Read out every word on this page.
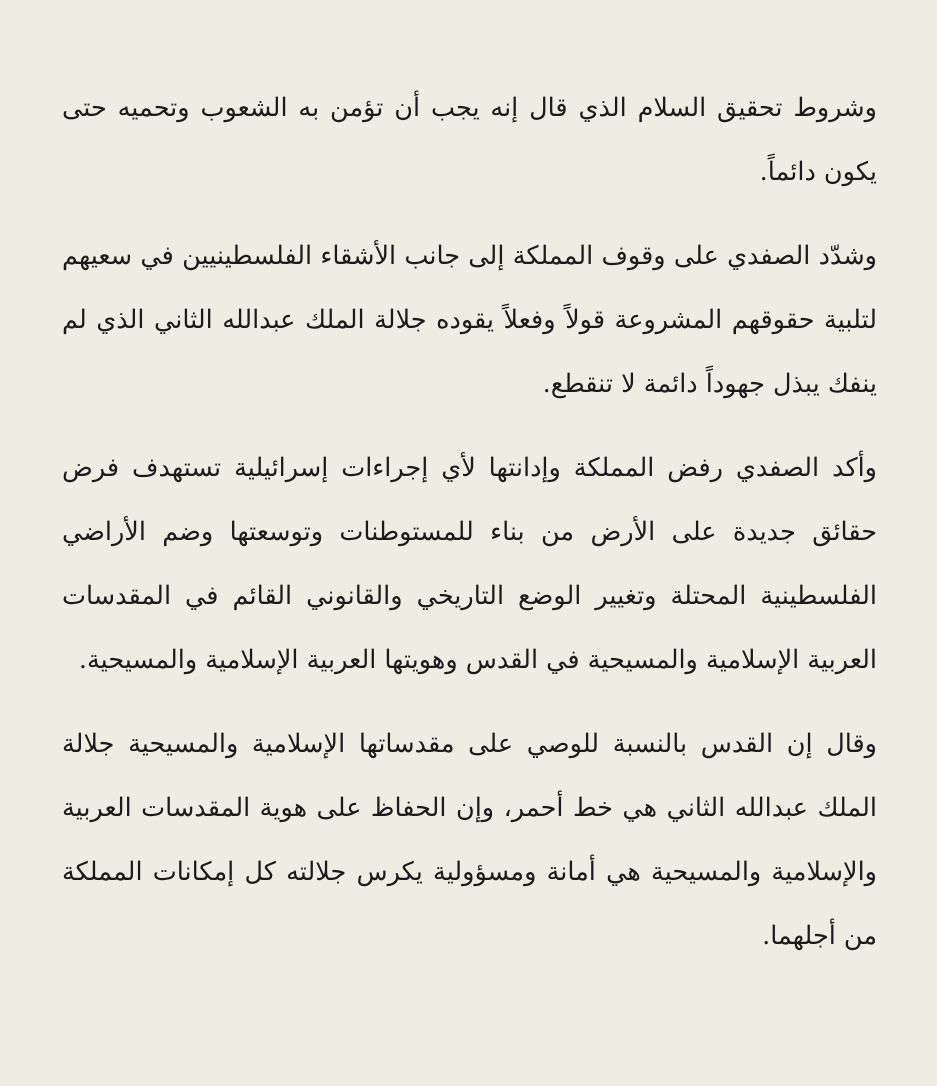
وشروط تحقيق السلام الذي قال إنه يجب أن تؤمن به الشعوب وتحميه حتى يكون دائماً.

وشدّد الصفدي على وقوف المملكة إلى جانب الأشقاء الفلسطينيين في سعيهم لتلبية حقوقهم المشروعة قولاً وفعلاً يقوده جلالة الملك عبدالله الثاني الذي لم ينفك يبذل جهوداً دائمة لا تنقطع.

وأكد الصفدي رفض المملكة وإدانتها لأي إجراءات إسرائيلية تستهدف فرض حقائق جديدة على الأرض من بناء للمستوطنات وتوسعتها وضم الأراضي الفلسطينية المحتلة وتغيير الوضع التاريخي والقانوني القائم في المقدسات العربية الإسلامية والمسيحية في القدس وهويتها العربية الإسلامية والمسيحية.

وقال إن القدس بالنسبة للوصي على مقدساتها الإسلامية والمسيحية جلالة الملك عبدالله الثاني هي خط أحمر، وإن الحفاظ على هوية المقدسات العربية والإسلامية والمسيحية هي أمانة ومسؤولية يكرس جلالته كل إمكانات المملكة من أجلهما.
